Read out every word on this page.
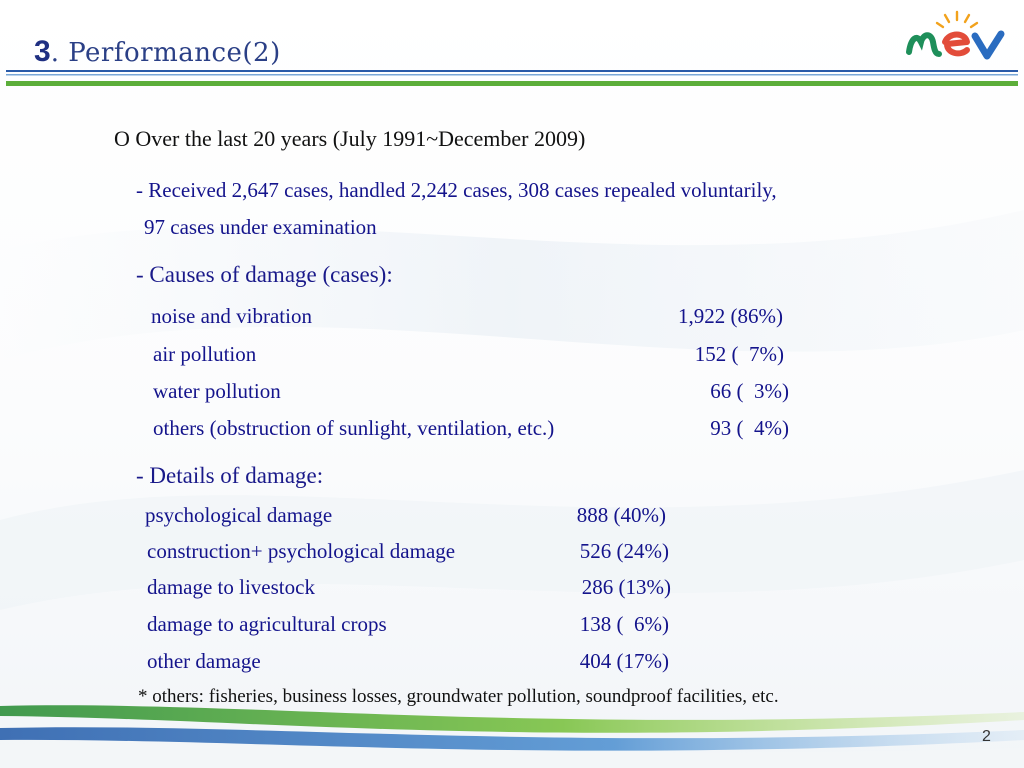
3. Performance(2)
O Over the last 20 years (July 1991~December 2009)
- Received 2,647 cases, handled 2,242 cases, 308 cases repealed voluntarily,
97 cases under examination
- Causes of damage (cases):
noise and vibration	1,922 (86%)
air pollution	152 (  7%)
water pollution	66 (  3%)
others (obstruction of sunlight, ventilation, etc.)	93 (  4%)
- Details of damage:
psychological damage	888 (40%)
construction+ psychological damage	526 (24%)
damage to livestock	286 (13%)
damage to agricultural crops	138 (  6%)
other damage	404 (17%)
* others: fisheries, business losses, groundwater pollution, soundproof facilities, etc.
2
